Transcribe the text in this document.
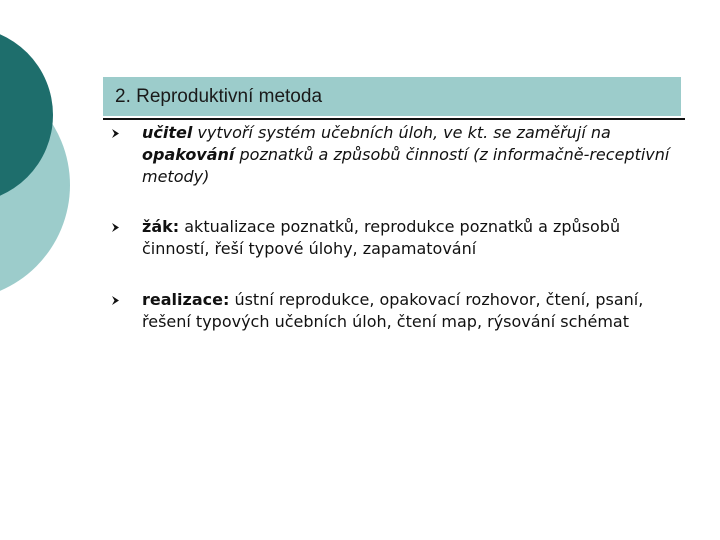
2. Reproduktivní metoda
učitel vytvoří systém učebních úloh, ve kt. se zaměřují na opakování poznatků a způsobů činností (z informačně-receptivní metody)
žák: aktualizace poznatků, reprodukce poznatků a způsobů činností, řeší typové úlohy, zapamatování
realizace: ústní reprodukce, opakovací rozhovor, čtení, psaní, řešení typových učebních úloh, čtení map, rýsování schémat
